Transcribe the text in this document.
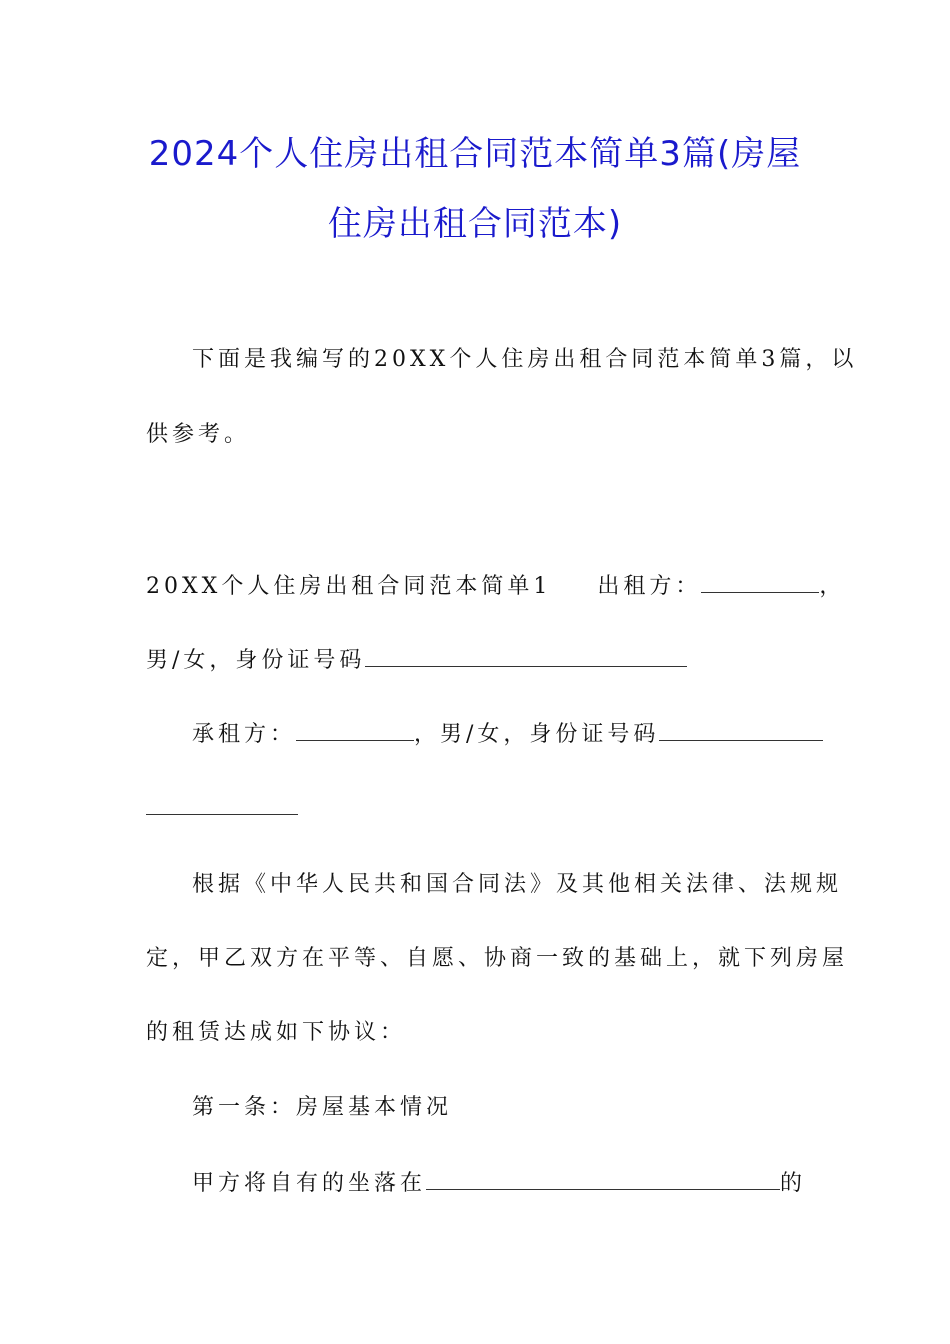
2024个人住房出租合同范本简单3篇(房屋
住房出租合同范本)
下面是我编写的20XX个人住房出租合同范本简单3篇，以
供参考。
20XX个人住房出租合同范本简单1 出租方：	，
男/女，身份证号码
承租方：	，男/女，身份证号码
根据《中华人民共和国合同法》及其他相关法律、法规规
定，甲乙双方在平等、自愿、协商一致的基础上，就下列房屋
的租赁达成如下协议：
第一条：房屋基本情况
甲方将自有的坐落在	的
